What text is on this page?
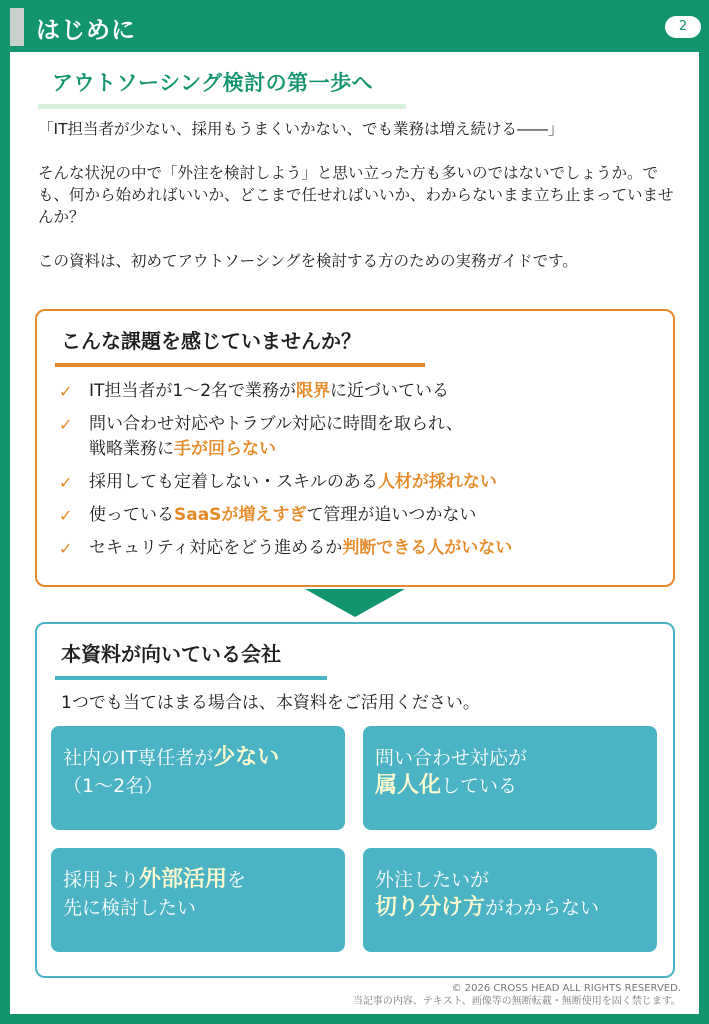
はじめに	2
アウトソーシング検討の第一歩へ

「IT担当者が少ない、採用もうまくいかない、でも業務は増え続ける――」

そんな状況の中で「外注を検討しよう」と思い立った方も多いのではないでしょうか。でも、何から始めればいいか、どこまで任せればいいか、わからないまま立ち止まっていませんか？

この資料は、初めてアウトソーシングを検討する方のための実務ガイドです。

こんな課題を感じていませんか？
✓ IT担当者が1〜2名で業務が限界に近づいている
✓ 問い合わせ対応やトラブル対応に時間を取られ、
戦略業務に手が回らない
✓ 採用しても定着しない・スキルのある人材が採れない
✓ 使っているSaaSが増えすぎて管理が追いつかない
✓ セキュリティ対応をどう進めるか判断できる人がいない
本資料が向いている会社
1つでも当てはまる場合は、本資料をご活用ください。
社内のIT専任者が少ない
（1〜2名）
問い合わせ対応が
属人化している
採用より外部活用を
先に検討したい
外注したいが
切り分け方がわからない
© 2026 CROSS HEAD ALL RIGHTS RESERVED.
当記事の内容、テキスト、画像等の無断転載・無断使用を固く禁じます。
